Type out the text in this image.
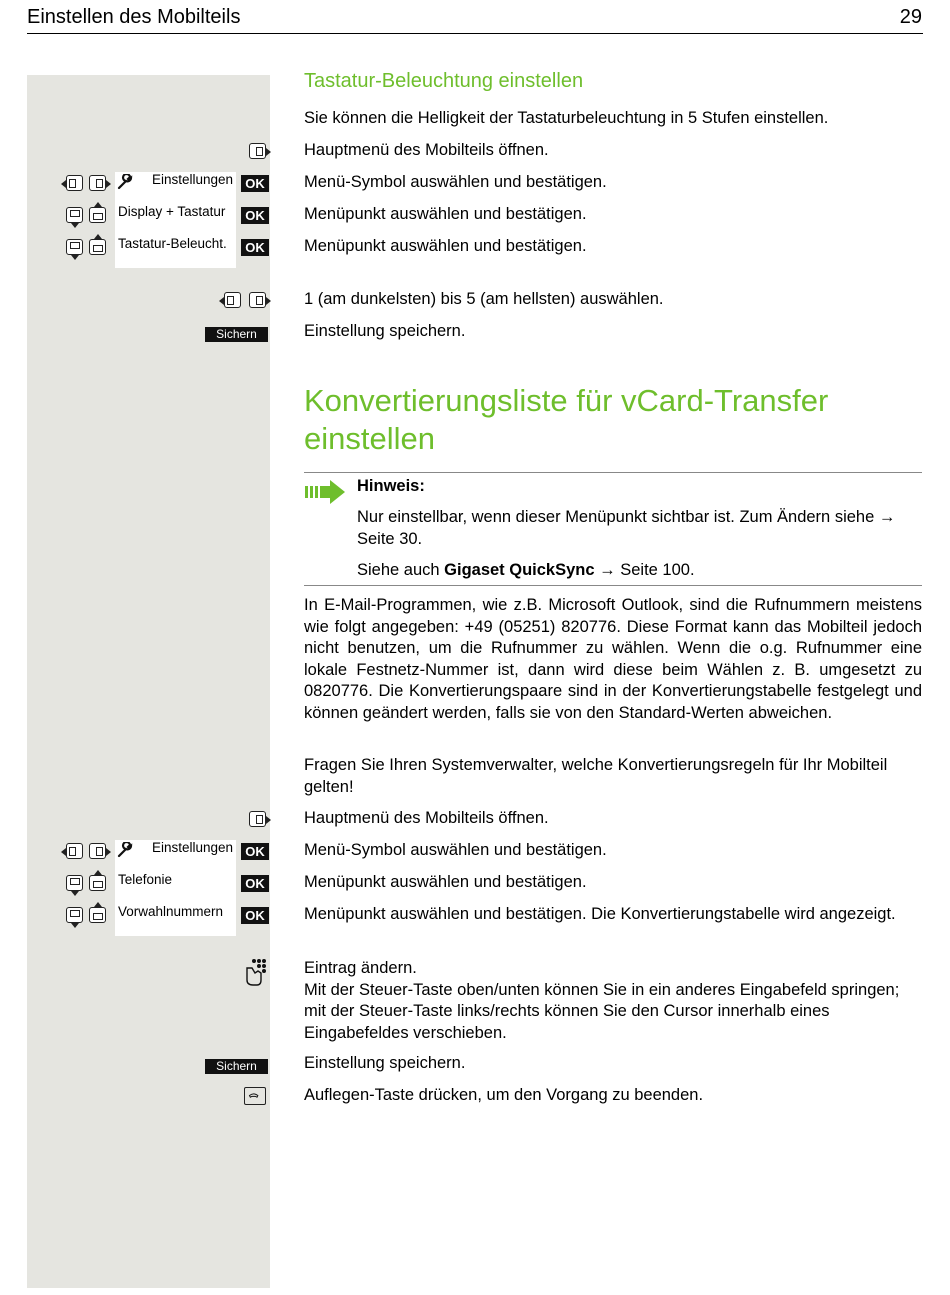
Einstellen des Mobilteils	29
Tastatur-Beleuchtung einstellen
Sie können die Helligkeit der Tastaturbeleuchtung in 5 Stufen einstellen.
Hauptmenü des Mobilteils öffnen.
Einstellungen OK Menü-Symbol auswählen und bestätigen.
Display + Tastatur	OK Menüpunkt auswählen und bestätigen.
Tastatur-Beleucht.	OK Menüpunkt auswählen und bestätigen.
1 (am dunkelsten) bis 5 (am hellsten) auswählen.
Sichern	Einstellung speichern.
Konvertierungsliste für vCard-Transfer einstellen
Hinweis:
Nur einstellbar, wenn dieser Menüpunkt sichtbar ist. Zum Ändern siehe → Seite 30.
Siehe auch Gigaset QuickSync → Seite 100.
In E-Mail-Programmen, wie z.B. Microsoft Outlook, sind die Rufnummern meistens wie folgt angegeben: +49 (05251) 820776. Diese Format kann das Mobilteil jedoch nicht benutzen, um die Rufnummer zu wählen. Wenn die o.g. Rufnummer eine lokale Festnetz-Nummer ist, dann wird diese beim Wählen z. B. umgesetzt zu 0820776. Die Konvertierungspaare sind in der Konvertierungstabelle festgelegt und können geändert werden, falls sie von den Standard-Werten abweichen.
Fragen Sie Ihren Systemverwalter, welche Konvertierungsregeln für Ihr Mobilteil gelten!
Hauptmenü des Mobilteils öffnen.
Einstellungen OK Menü-Symbol auswählen und bestätigen.
Telefonie	OK Menüpunkt auswählen und bestätigen.
Vorwahlnummern	OK Menüpunkt auswählen und bestätigen. Die Konvertierungstabelle wird angezeigt.
Eintrag ändern.
Mit der Steuer-Taste oben/unten können Sie in ein anderes Eingabefeld springen; mit der Steuer-Taste links/rechts können Sie den Cursor innerhalb eines Eingabefeldes verschieben.
Sichern	Einstellung speichern.
Auflegen-Taste drücken, um den Vorgang zu beenden.
